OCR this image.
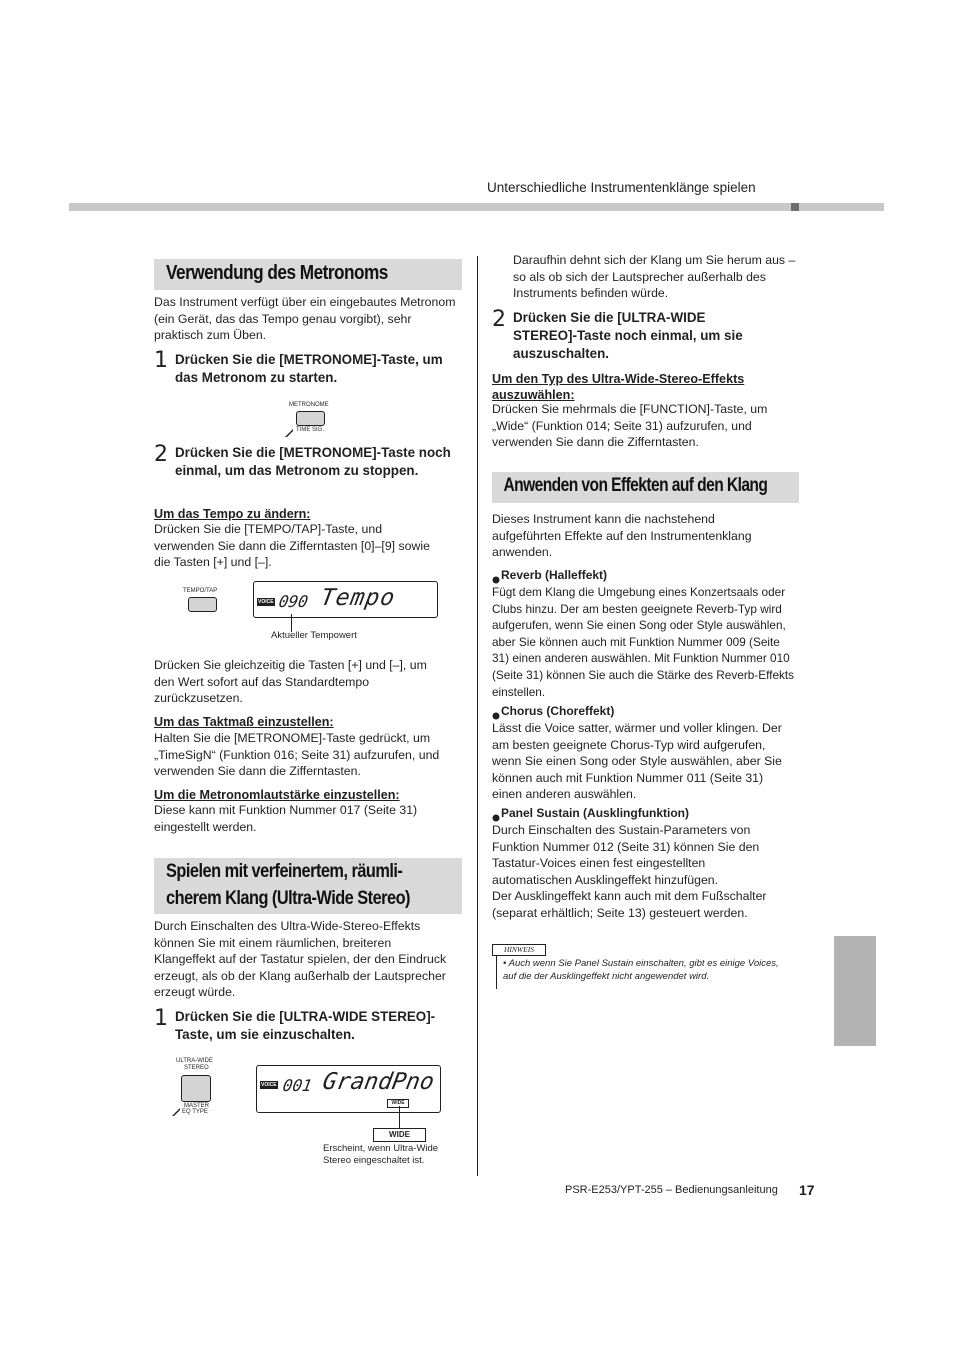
Unterschiedliche Instrumentenklänge spielen
Verwendung des Metronoms
Das Instrument verfügt über ein eingebautes Metronom (ein Gerät, das das Tempo genau vorgibt), sehr praktisch zum Üben.
1 Drücken Sie die [METRONOME]-Taste, um das Metronom zu starten.
METRONOME
TIME SIG.
2 Drücken Sie die [METRONOME]-Taste noch einmal, um das Metronom zu stoppen.
Um das Tempo zu ändern:
Drücken Sie die [TEMPO/TAP]-Taste, und verwenden Sie dann die Zifferntasten [0]–[9] sowie die Tasten [+] und [–].
TEMPO/TAP
VOICE 090 Tempo
Aktueller Tempowert
Drücken Sie gleichzeitig die Tasten [+] und [–], um den Wert sofort auf das Standardtempo zurückzusetzen.
Um das Taktmaß einzustellen:
Halten Sie die [METRONOME]-Taste gedrückt, um „TimeSigN“ (Funktion 016; Seite 31) aufzurufen, und verwenden Sie dann die Zifferntasten.
Um die Metronomlautstärke einzustellen:
Diese kann mit Funktion Nummer 017 (Seite 31) eingestellt werden.
Spielen mit verfeinertem, räumli-
cherem Klang (Ultra-Wide Stereo)
Durch Einschalten des Ultra-Wide-Stereo-Effekts können Sie mit einem räumlichen, breiteren Klangeffekt auf der Tastatur spielen, der den Eindruck erzeugt, als ob der Klang außerhalb der Lautsprecher erzeugt würde.
1 Drücken Sie die [ULTRA-WIDE STEREO]-Taste, um sie einzuschalten.
ULTRA-WIDE
STEREO
MASTER
EQ TYPE
VOICE 001 GrandPno
WIDE
WIDE
Erscheint, wenn Ultra-Wide Stereo eingeschaltet ist.
Daraufhin dehnt sich der Klang um Sie herum aus – so als ob sich der Lautsprecher außerhalb des Instruments befinden würde.
2 Drücken Sie die [ULTRA-WIDE STEREO]-Taste noch einmal, um sie auszuschalten.
Um den Typ des Ultra-Wide-Stereo-Effekts auszuwählen:
Drücken Sie mehrmals die [FUNCTION]-Taste, um „Wide“ (Funktion 014; Seite 31) aufzurufen, und verwenden Sie dann die Zifferntasten.
Anwenden von Effekten auf den Klang
Dieses Instrument kann die nachstehend aufgeführten Effekte auf den Instrumentenklang anwenden.
Reverb (Halleffekt)
Fügt dem Klang die Umgebung eines Konzertsaals oder Clubs hinzu. Der am besten geeignete Reverb-Typ wird aufgerufen, wenn Sie einen Song oder Style auswählen, aber Sie können auch mit Funktion Nummer 009 (Seite 31) einen anderen auswählen. Mit Funktion Nummer 010 (Seite 31) können Sie auch die Stärke des Reverb-Effekts einstellen.
Chorus (Choreffekt)
Lässt die Voice satter, wärmer und voller klingen. Der am besten geeignete Chorus-Typ wird aufgerufen, wenn Sie einen Song oder Style auswählen, aber Sie können auch mit Funktion Nummer 011 (Seite 31) einen anderen auswählen.
Panel Sustain (Ausklingfunktion)
Durch Einschalten des Sustain-Parameters von Funktion Nummer 012 (Seite 31) können Sie den Tastatur-Voices einen fest eingestellten automatischen Ausklingeffekt hinzufügen.
Der Ausklingeffekt kann auch mit dem Fußschalter (separat erhältlich; Seite 13) gesteuert werden.
HINWEIS
• Auch wenn Sie Panel Sustain einschalten, gibt es einige Voices, auf die der Ausklingeffekt nicht angewendet wird.
PSR-E253/YPT-255 – Bedienungsanleitung 17
